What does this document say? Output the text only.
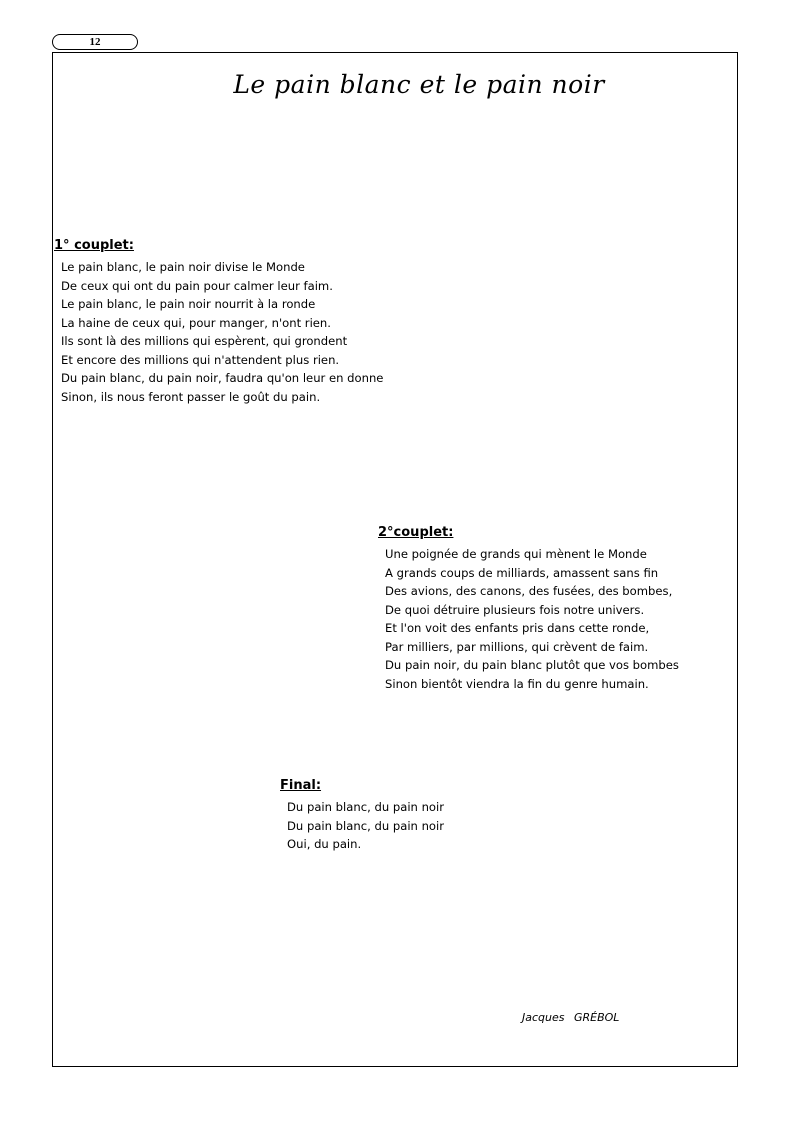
12
Le pain blanc et le pain noir
1° couplet:
Le pain blanc, le pain noir divise le Monde
De ceux qui ont du pain pour calmer leur faim.
Le pain blanc, le pain noir nourrit à la ronde
La haine de ceux qui, pour manger, n'ont rien.
Ils sont là des millions qui espèrent, qui grondent
Et encore des millions qui n'attendent plus rien.
Du pain blanc, du pain noir, faudra qu'on leur en donne
Sinon, ils nous feront passer le goût du pain.
2°couplet:
Une poignée de grands qui mènent le Monde
A grands coups de milliards, amassent sans fin
Des avions, des canons, des fusées, des bombes,
De quoi détruire plusieurs fois notre univers.
Et l'on voit des enfants pris dans cette ronde,
Par milliers, par millions, qui crèvent de faim.
Du pain noir, du pain blanc plutôt que vos bombes
Sinon bientôt viendra la fin du genre humain.
Final:
Du pain blanc, du pain noir
Du pain blanc, du pain noir
Oui, du pain.
Jacques GRÉBOL
